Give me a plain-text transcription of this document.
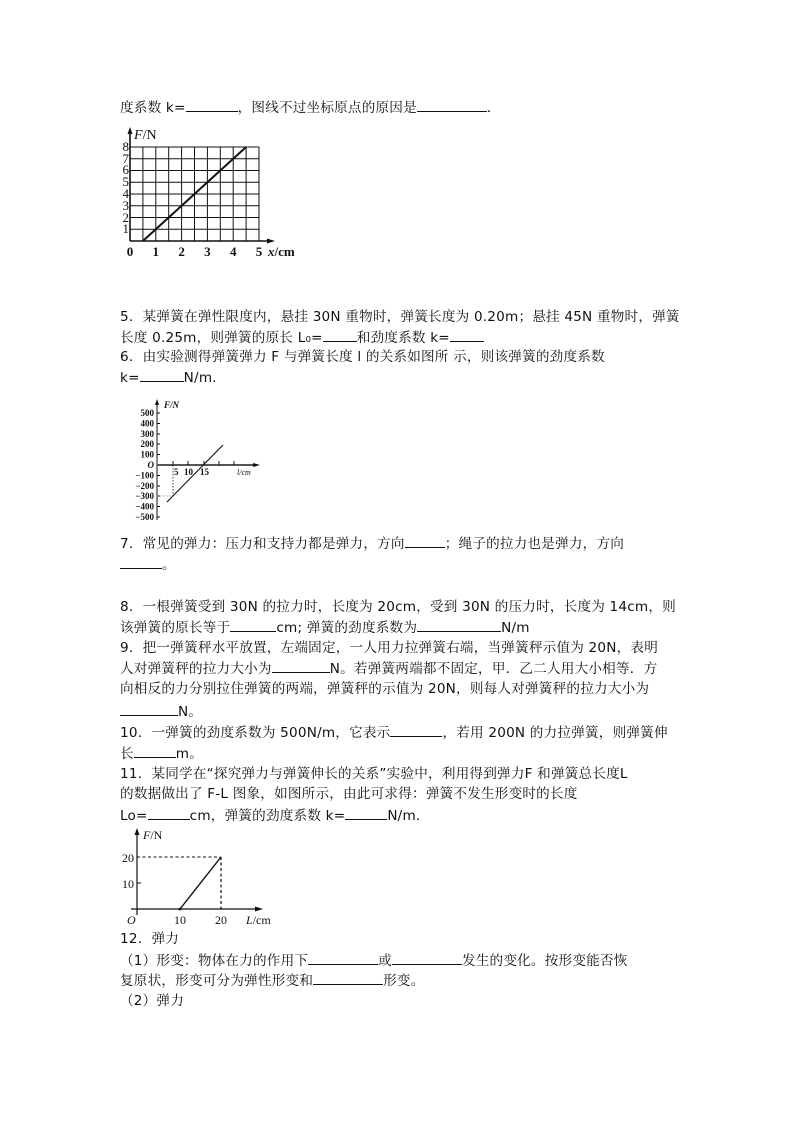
度系数 k=	，图线不过坐标原点的原因是	．
F/N
8
7
6
5
4
3
2
1
0 1 2 3 4 5 x/cm
5．某弹簧在弹性限度内，悬挂 30N 重物时，弹簧长度为 0.20m；悬挂 45N 重物时，弹簧
长度 0.25m，则弹簧的原长 L₀=	和劲度系数 k=
6．由实验测得弹簧弹力 F 与弹簧长度 l 的关系如图所 示，则该弹簧的劲度系数
k=	N/m.
F/N
500
400
300
200
100
O
−100
−200
−300
−400
−500
5 10 15	l/cm
7．常见的弹力：压力和支持力都是弹力，方向	；绳子的拉力也是弹力，方向
。
8．一根弹簧受到 30N 的拉力时，长度为 20cm，受到 30N 的压力时，长度为 14cm，则
该弹簧的原长等于	cm; 弹簧的劲度系数为	N/m
9．把一弹簧秤水平放置，左端固定，一人用力拉弹簧右端，当弹簧秤示值为 20N，表明
人对弹簧秤的拉力大小为	N。若弹簧两端都不固定，甲．乙二人用大小相等．方
向相反的力分别拉住弹簧的两端，弹簧秤的示值为 20N，则每人对弹簧秤的拉力大小为
N。
10．一弹簧的劲度系数为 500N/m，它表示	，若用 200N 的力拉弹簧，则弹簧伸
长	m。
11．某同学在“探究弹力与弹簧伸长的关系”实验中，利用得到弹力F 和弹簧总长度L
的数据做出了 F-L 图象，如图所示，由此可求得：弹簧不发生形变时的长度
Lo=	cm，弹簧的劲度系数 k=	N/m．
F/N
20
10
O	10 20 L/cm
12．弹力
（1）形变：物体在力的作用下	或	发生的变化。按形变能否恢
复原状，形变可分为弹性形变和	形变。
（2）弹力
